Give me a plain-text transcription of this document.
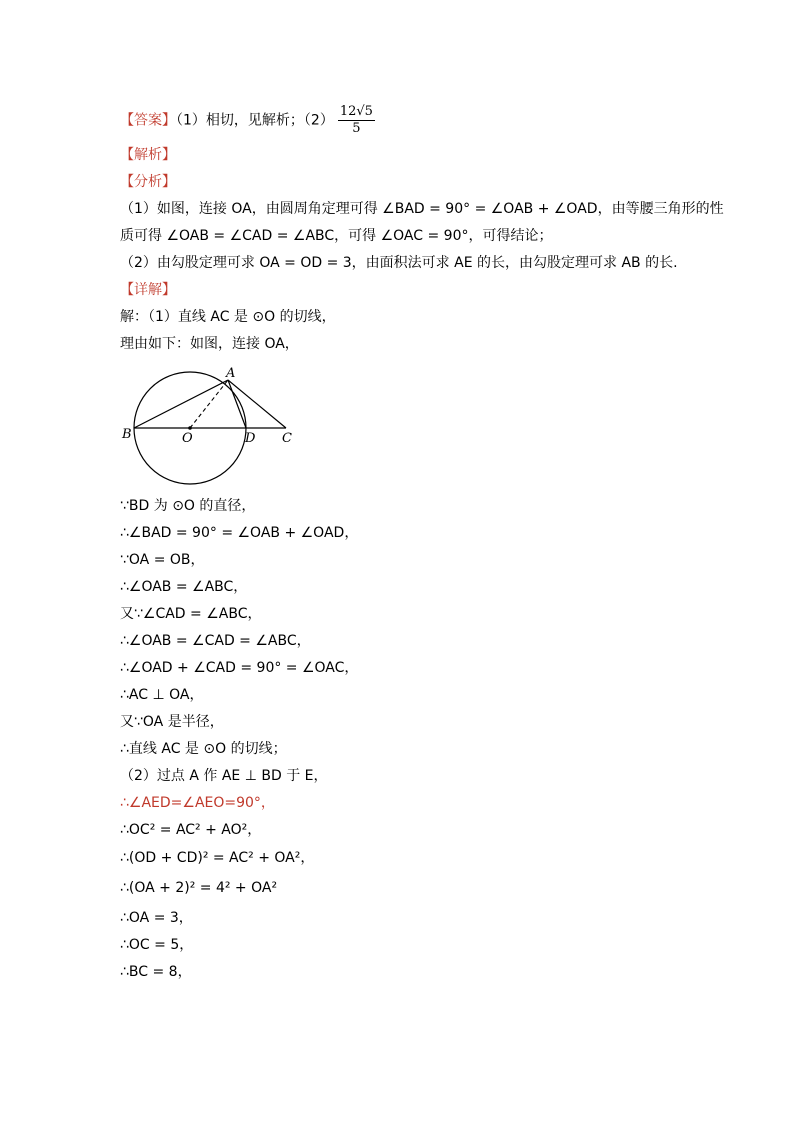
【答案】（1）相切，见解析；$(2) \frac{12√5}{5}$
【解析】
【分析】
（1）如图，连接 OA，由圆周角定理可得 ∠BAD = 90° = ∠OAB + ∠OAD，由等腰三角形的性
质可得 ∠OAB = ∠CAD = ∠ABC，可得 ∠OAC = 90°，可得结论；
（2）由勾股定理可求 OA = OD = 3，由面积法可求 AE 的长，由勾股定理可求 AB 的长.
【详解】
解：（1）直线 AC 是 ⊙O 的切线，
理由如下：如图，连接 OA，
A
B	O	D C
∵BD 为 ⊙O 的直径，
∴∠BAD = 90° = ∠OAB + ∠OAD，
∵OA = OB，
∴∠OAB = ∠ABC，
又∵∠CAD = ∠ABC，
∴∠OAB = ∠CAD = ∠ABC，
∴∠OAD + ∠CAD = 90° = ∠OAC，
∴AC ⊥ OA，
又∵OA 是半径，
∴直线 AC 是 ⊙O 的切线；
（2）过点 A 作 AE ⊥ BD 于 E，
∴∠AED=∠AEO=90°，
∴OC² = AC² + AO²，
∴(OD + CD)² = AC² + OA²，
∴(OA + 2)² = 4² + OA²
∴OA = 3，
∴OC = 5，
∴BC = 8，
